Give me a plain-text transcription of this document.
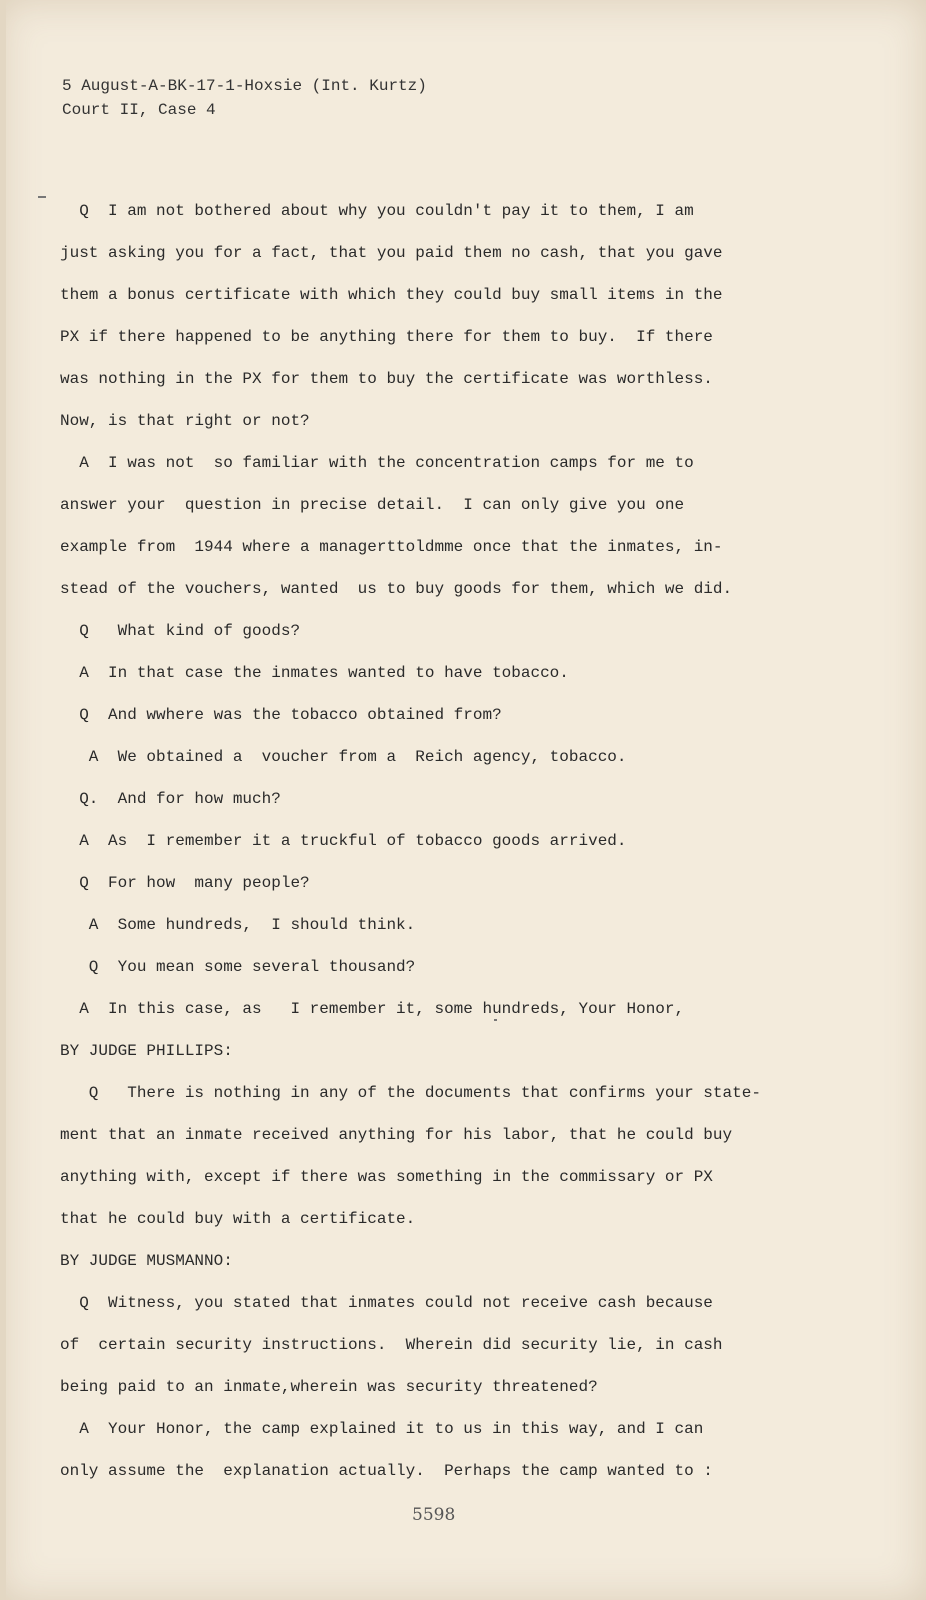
5 August-A-BK-17-1-Hoxsie (Int. Kurtz)
Court II, Case 4
Q  I am not bothered about why you couldn't pay it to them, I am
just asking you for a fact, that you paid them no cash, that you gave
them a bonus certificate with which they could buy small items in the
PX if there happened to be anything there for them to buy.  If there
was nothing in the PX for them to buy the certificate was worthless.
Now, is that right or not?
A  I was not  so familiar with the concentration camps for me to
answer your  question in precise detail.  I can only give you one
example from  1944 where a managerttoldmme once that the inmates, in-
stead of the vouchers, wanted  us to buy goods for them, which we did.
Q   What kind of goods?
A  In that case the inmates wanted to have tobacco.
Q  And wwhere was the tobacco obtained from?
A  We obtained a  voucher from a  Reich agency, tobacco.
Q.  And for how much?
A  As  I remember it a truckful of tobacco goods arrived.
Q  For how  many people?
A  Some hundreds,  I should think.
Q  You mean some several thousand?
A  In this case, as   I remember it, some hundreds, Your Honor,
BY JUDGE PHILLIPS:
Q   There is nothing in any of the documents that confirms your state-
ment that an inmate received anything for his labor, that he could buy
anything with, except if there was something in the commissary or PX
that he could buy with a certificate.
BY JUDGE MUSMANNO:
Q  Witness, you stated that inmates could not receive cash because
of  certain security instructions.  Wherein did security lie, in cash
being paid to an inmate,wherein was security threatened?
A  Your Honor, the camp explained it to us in this way, and I can
only assume the  explanation actually.  Perhaps the camp wanted to :
5598
